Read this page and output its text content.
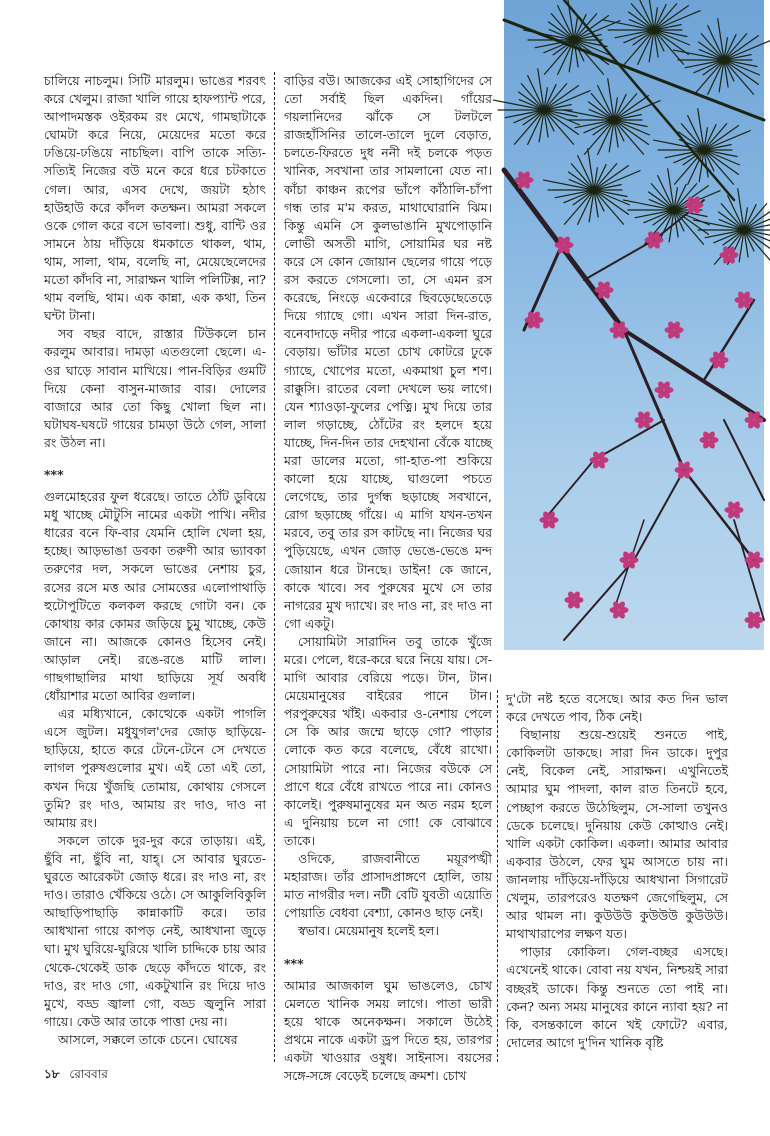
চালিয়ে নাচলুম। সিটি মারলুম। ভাঙের শরবৎ করে খেলুম। রাজা খালি গায়ে হাফপ্যান্ট পরে, আপাদমস্তক ওইরকম রং মেখে, গামছাটাকে ঘোমটা করে নিয়ে, মেয়েদের মতো করে ঢঙিয়ে-ঢঙিয়ে নাচছিল। বাপি তাকে সত্যি-সত্যিই নিজের বউ মনে করে ধরে চটকাতে গেল। আর, এসব দেখে, জয়টা হঠাৎ হাউহাউ করে কাঁদল কতক্ষন। আমরা সকলে ওকে গোল করে বসে ভাবলা। শুধু, বান্টি ওর সামনে ঠায় দাঁড়িয়ে ধমকাতে থাকল, থাম, থাম, সালা, থাম, বলেছি না, মেয়েছেলেদের মতো কাঁদবি না, সারাক্ষন খালি পলিটিক্স, না? থাম বলছি, থাম। এক কান্না, এক কথা, তিন ঘন্টা টানা।

সব বছর বাদে, রাস্তার টিউকলে চান করলুম আবার। দামড়া এতগুলো ছেলে। এ-ওর ঘাড়ে সাবান মাখিয়ে। পান-বিড়ির গুমটি দিয়ে কেনা বাসুন-মাজার বার। দোলের বাজারে আর তো কিছু খোলা ছিল না। ঘটাঘষ-ঘষটে গায়ের চামড়া উঠে গেল, সালা রং উঠল না।

***

গুলমোহরের ফুল ধরেছে। তাতে ঠোঁট ডুবিয়ে মধু খাচ্ছে মৌটুসি নামের একটা পাখি। নদীর ধারের বনে ফি-বার যেমনি হোলি খেলা হয়, হচ্ছে। আড়ভাঙা ডবকা তরুণী আর ভ্যাবকা তরুণের দল, সকলে ভাঙের নেশায় চুর, রসের রসে মত্ত আর সোমত্তের এলোপাথাড়ি হুটোপুটিতে কলকল করছে গোটা বন। কে কোথায় কার কোমর জড়িয়ে চুমু খাচ্ছে, কেউ জানে না। আজকে কোনও হিসেব নেই। আড়াল নেই। রঙে-রঙে মাটি লাল। গাছগাছালির মাথা ছাড়িয়ে সূর্য অবধি ধোঁয়াশার মতো আবির গুলাল।

এর মধ্যিখানে, কোত্থেকে একটা পাগলি এসে জুটল। মধুযুগল'দের জোড় ছাড়িয়ে-ছাড়িয়ে, হাতে করে টেনে-টেনে সে দেখতে লাগল পুরুষগুলোর মুখ। এই তো এই তো, কখন দিয়ে খুঁজছি তোমায়, কোথায় গেসলে তুমি? রং দাও, আমায় রং দাও, দাও না আমায় রং।

সকলে তাকে দুর-দুর করে তাড়ায়। এই, ছুঁবি না, ছুঁবি না, যাহ্‌। সে আবার ঘুরতে-ঘুরতে আরেকটা জোড় ধরে। রং দাও না, রং দাও। তারাও খেঁকিয়ে ওঠে। সে আকুলিবিকুলি আছাড়িপাছাড়ি কান্নাকাটি করে। তার আধখানা গায়ে কাপড় নেই, আধখানা জুড়ে ঘা। মুখ ঘুরিয়ে-ঘুরিয়ে খালি চাদ্দিকে চায় আর থেকে-থেকেই ডাক ছেড়ে কাঁদতে থাকে, রং দাও, রং দাও গো, একটুখানি রং দিয়ে দাও মুখে, বড্ড জ্বালা গো, বড্ড জ্বলুনি সারা গায়ে। কেউ আর তাকে পাত্তা দেয় না।

আসলে, সক্কলে তাকে চেনে। ঘোষের

বাড়ির বউ। আজকের এই সোহাগিদের সে তো সর্বাই ছিল একদিন। গাঁয়ের গয়লানিদের ঝাঁকে সে টলটলে রাজহাঁসিনির তালে-তালে দুলে বেড়াত, চলতে-ফিরতে দুধ ননী দই চলকে পড়ত খানিক, সবখানা তার সামলানো যেত না। কাঁচা কাঞ্চন রূপের ভাঁপে কাঁঠালি-চাঁপা গন্ধ তার ম'ম করত, মাথাঘোরানি ঝিম। কিন্তু এমনি সে কুলভাঙানি মুখপোড়ানি লোভী অসতী মাগি, সোয়ামির ঘর নষ্ট করে সে কোন জোয়ান ছেলের গায়ে পড়ে রস করতে গেসলো। তা, সে এমন রস করেছে, নিংড়ে একেবারে ছিবড়েছেতেড়ে দিয়ে গ্যাছে গো। এখন সারা দিন-রাত, বনেবাদাড়ে নদীর পারে একলা-একলা ঘুরে বেড়ায়। ভাঁটার মতো চোখ কোটরে ঢুকে গ্যাছে, খোপের মতো, একমাথা চুল শণ। রাক্কুসি। রাতের বেলা দেখলে ভয় লাগে। যেন শ্যাওড়া-ফুলের পেত্নি। মুখ দিয়ে তার লাল গড়াচ্ছে, ঠোঁটের রং হলদে হয়ে যাচ্ছে, দিন-দিন তার দেহখানা বেঁকে যাচ্ছে মরা ডালের মতো, গা-হাত-পা শুকিয়ে কালো হয়ে যাচ্ছে, ঘাগুলো পচতে লেগেছে, তার দুর্গন্ধ ছড়াচ্ছে সবখানে, রোগ ছড়াচ্ছে গাঁয়ে। এ মাগি যখন-তখন মরবে, তবু তার রস কাটছে না। নিজের ঘর পুড়িয়েছে, এখন জোড় ভেঙে-ভেঙে মন্দ জোয়ান ধরে টানছে। ডাইন! কে জানে, কাকে খাবে। সব পুরুষের মুখে সে তার নাগরের মুখ দ্যাখে। রং দাও না, রং দাও না গো একটু।

সোয়ামিটা সারাদিন তবু তাকে খুঁজে মরে। পেলে, ধরে-করে ঘরে নিয়ে যায়। সে-মাগি আবার বেরিয়ে পড়ে। টান, টান। মেয়েমানুষের বাইরের পানে টান। পরপুরুষের খাঁই। একবার ও-নেশায় পেলে সে কি আর জম্মে ছাড়ে গো? পাড়ার লোকে কত করে বলেছে, বেঁধে রাখো। সোয়ামিটা পারে না। নিজের বউকে সে প্রাণে ধরে বেঁধে রাখতে পারে না। কোনও কালেই। পুরুষমানুষের মন অত নরম হলে এ দুনিয়ায় চলে না গো! কে বোঝাবে তাকে।

ওদিকে, রাজবানীতে ময়ূরপঙ্খী মহারাজ। তাঁর প্রাসাদপ্রাঙ্গণে হোলি, তায় মাত নাগরীর দল। নটী বেটি যুবতী এয়োতি পোয়াতি বেধবা বেশ্যা, কোনও ছাড় নেই।

স্বভাব। মেয়েমানুষ হলেই হল।

***

আমার আজকাল ঘুম ভাঙলেও, চোখ মেলতে খানিক সময় লাগে। পাতা ভারী হয়ে থাকে অনেকক্ষন। সকালে উঠেই প্রথমে নাকে একটা ড্রপ দিতে হয়, তারপর একটা খাওয়ার ওষুধ। সাইনাস। বয়সের সঙ্গে-সঙ্গে বেড়েই চলেছে ক্রমশ। চোখ

দু'টো নষ্ট হতে বসেছে। আর কত দিন ভাল করে দেখতে পাব, ঠিক নেই।

বিছানায় শুয়ে-শুয়েই শুনতে পাই, কোকিলটা ডাকছে। সারা দিন ডাকে। দুপুর নেই, বিকেল নেই, সারাক্ষন। এখুনিতেই আমার ঘুম পাদলা, কাল রাত তিনটে হবে, পেচ্ছাপ করতে উঠেছিলুম, সে-সালা তখুনও ডেকে চলেছে। দুনিয়ায় কেউ কোত্থাও নেই। খালি একটা কোকিল। একলা। আমার আবার একবার উঠলে, ফের ঘুম আসতে চায় না। জানলায় দাঁড়িয়ে-দাঁড়িয়ে আধখানা সিগারেট খেলুম, তারপরেও যতক্ষণ জেগেছিলুম, সে আর থামল না। কুউউউ কুউউউ কুউউউ। মাথাখারাপের লক্ষণ যত।

পাড়ার কোকিল। গেল-বচ্ছর এসছে। এখেনেই থাকে। বোবা নয় যখন, নিশ্চয়ই সারা বচ্ছরই ডাকে। কিন্তু শুনতে তো পাই না। কেন? অন্য সময় মানুষের কানে ন্যাবা হয়? না কি, বসন্তকালে কানে খই ফোটে? এবার, দোলের আগে দু'দিন খানিক বৃষ্টি

১৮ রোববার
